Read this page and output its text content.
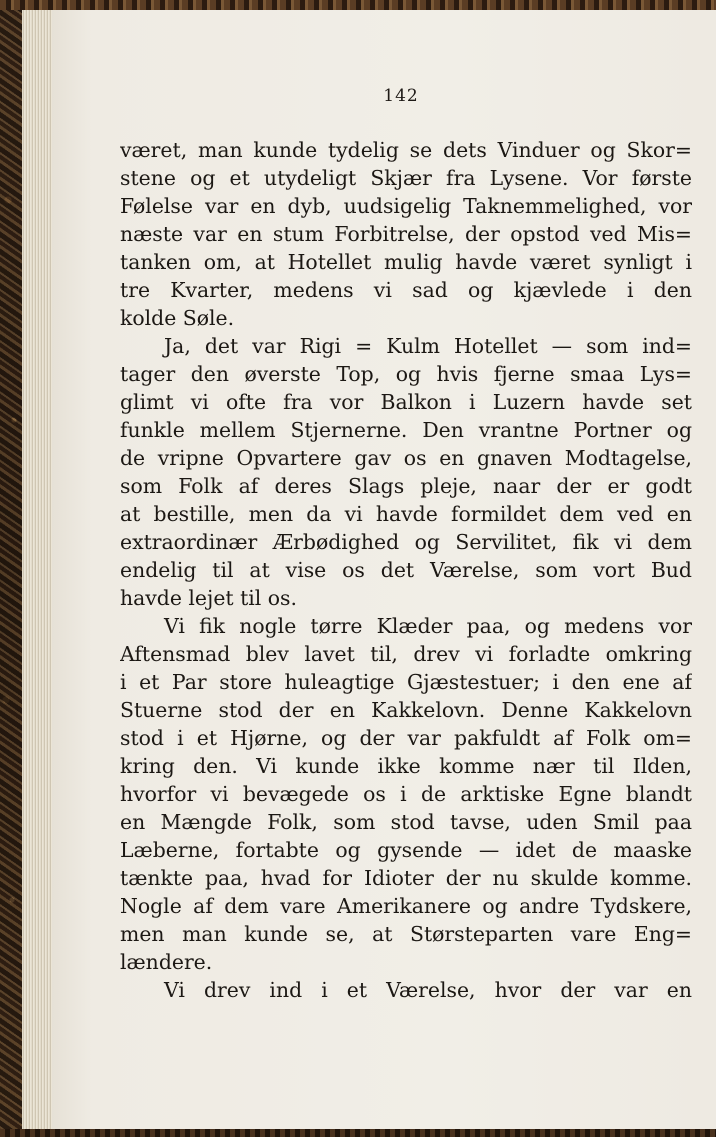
142
været, man kunde tydelig se dets Vinduer og Skor=
stene og et utydeligt Skjær fra Lysene. Vor første
Følelse var en dyb, uudsigelig Taknemmelighed, vor
næste var en stum Forbitrelse, der opstod ved Mis=
tanken om, at Hotellet mulig havde været synligt i
tre Kvarter, medens vi sad og kjævlede i den
kolde Søle.
Ja, det var Rigi = Kulm Hotellet — som ind=
tager den øverste Top, og hvis fjerne smaa Lys=
glimt vi ofte fra vor Balkon i Luzern havde set
funkle mellem Stjernerne. Den vrantne Portner og
de vripne Opvartere gav os en gnaven Modtagelse,
som Folk af deres Slags pleje, naar der er godt
at bestille, men da vi havde formildet dem ved en
extraordinær Ærbødighed og Servilitet, fik vi dem
endelig til at vise os det Værelse, som vort Bud
havde lejet til os.
Vi fik nogle tørre Klæder paa, og medens vor
Aftensmad blev lavet til, drev vi forladte omkring
i et Par store huleagtige Gjæstestuer; i den ene af
Stuerne stod der en Kakkelovn. Denne Kakkelovn
stod i et Hjørne, og der var pakfuldt af Folk om=
kring den. Vi kunde ikke komme nær til Ilden,
hvorfor vi bevægede os i de arktiske Egne blandt
en Mængde Folk, som stod tavse, uden Smil paa
Læberne, fortabte og gysende — idet de maaske
tænkte paa, hvad for Idioter der nu skulde komme.
Nogle af dem vare Amerikanere og andre Tydskere,
men man kunde se, at Størsteparten vare Eng=
lændere.
Vi drev ind i et Værelse, hvor der var en
